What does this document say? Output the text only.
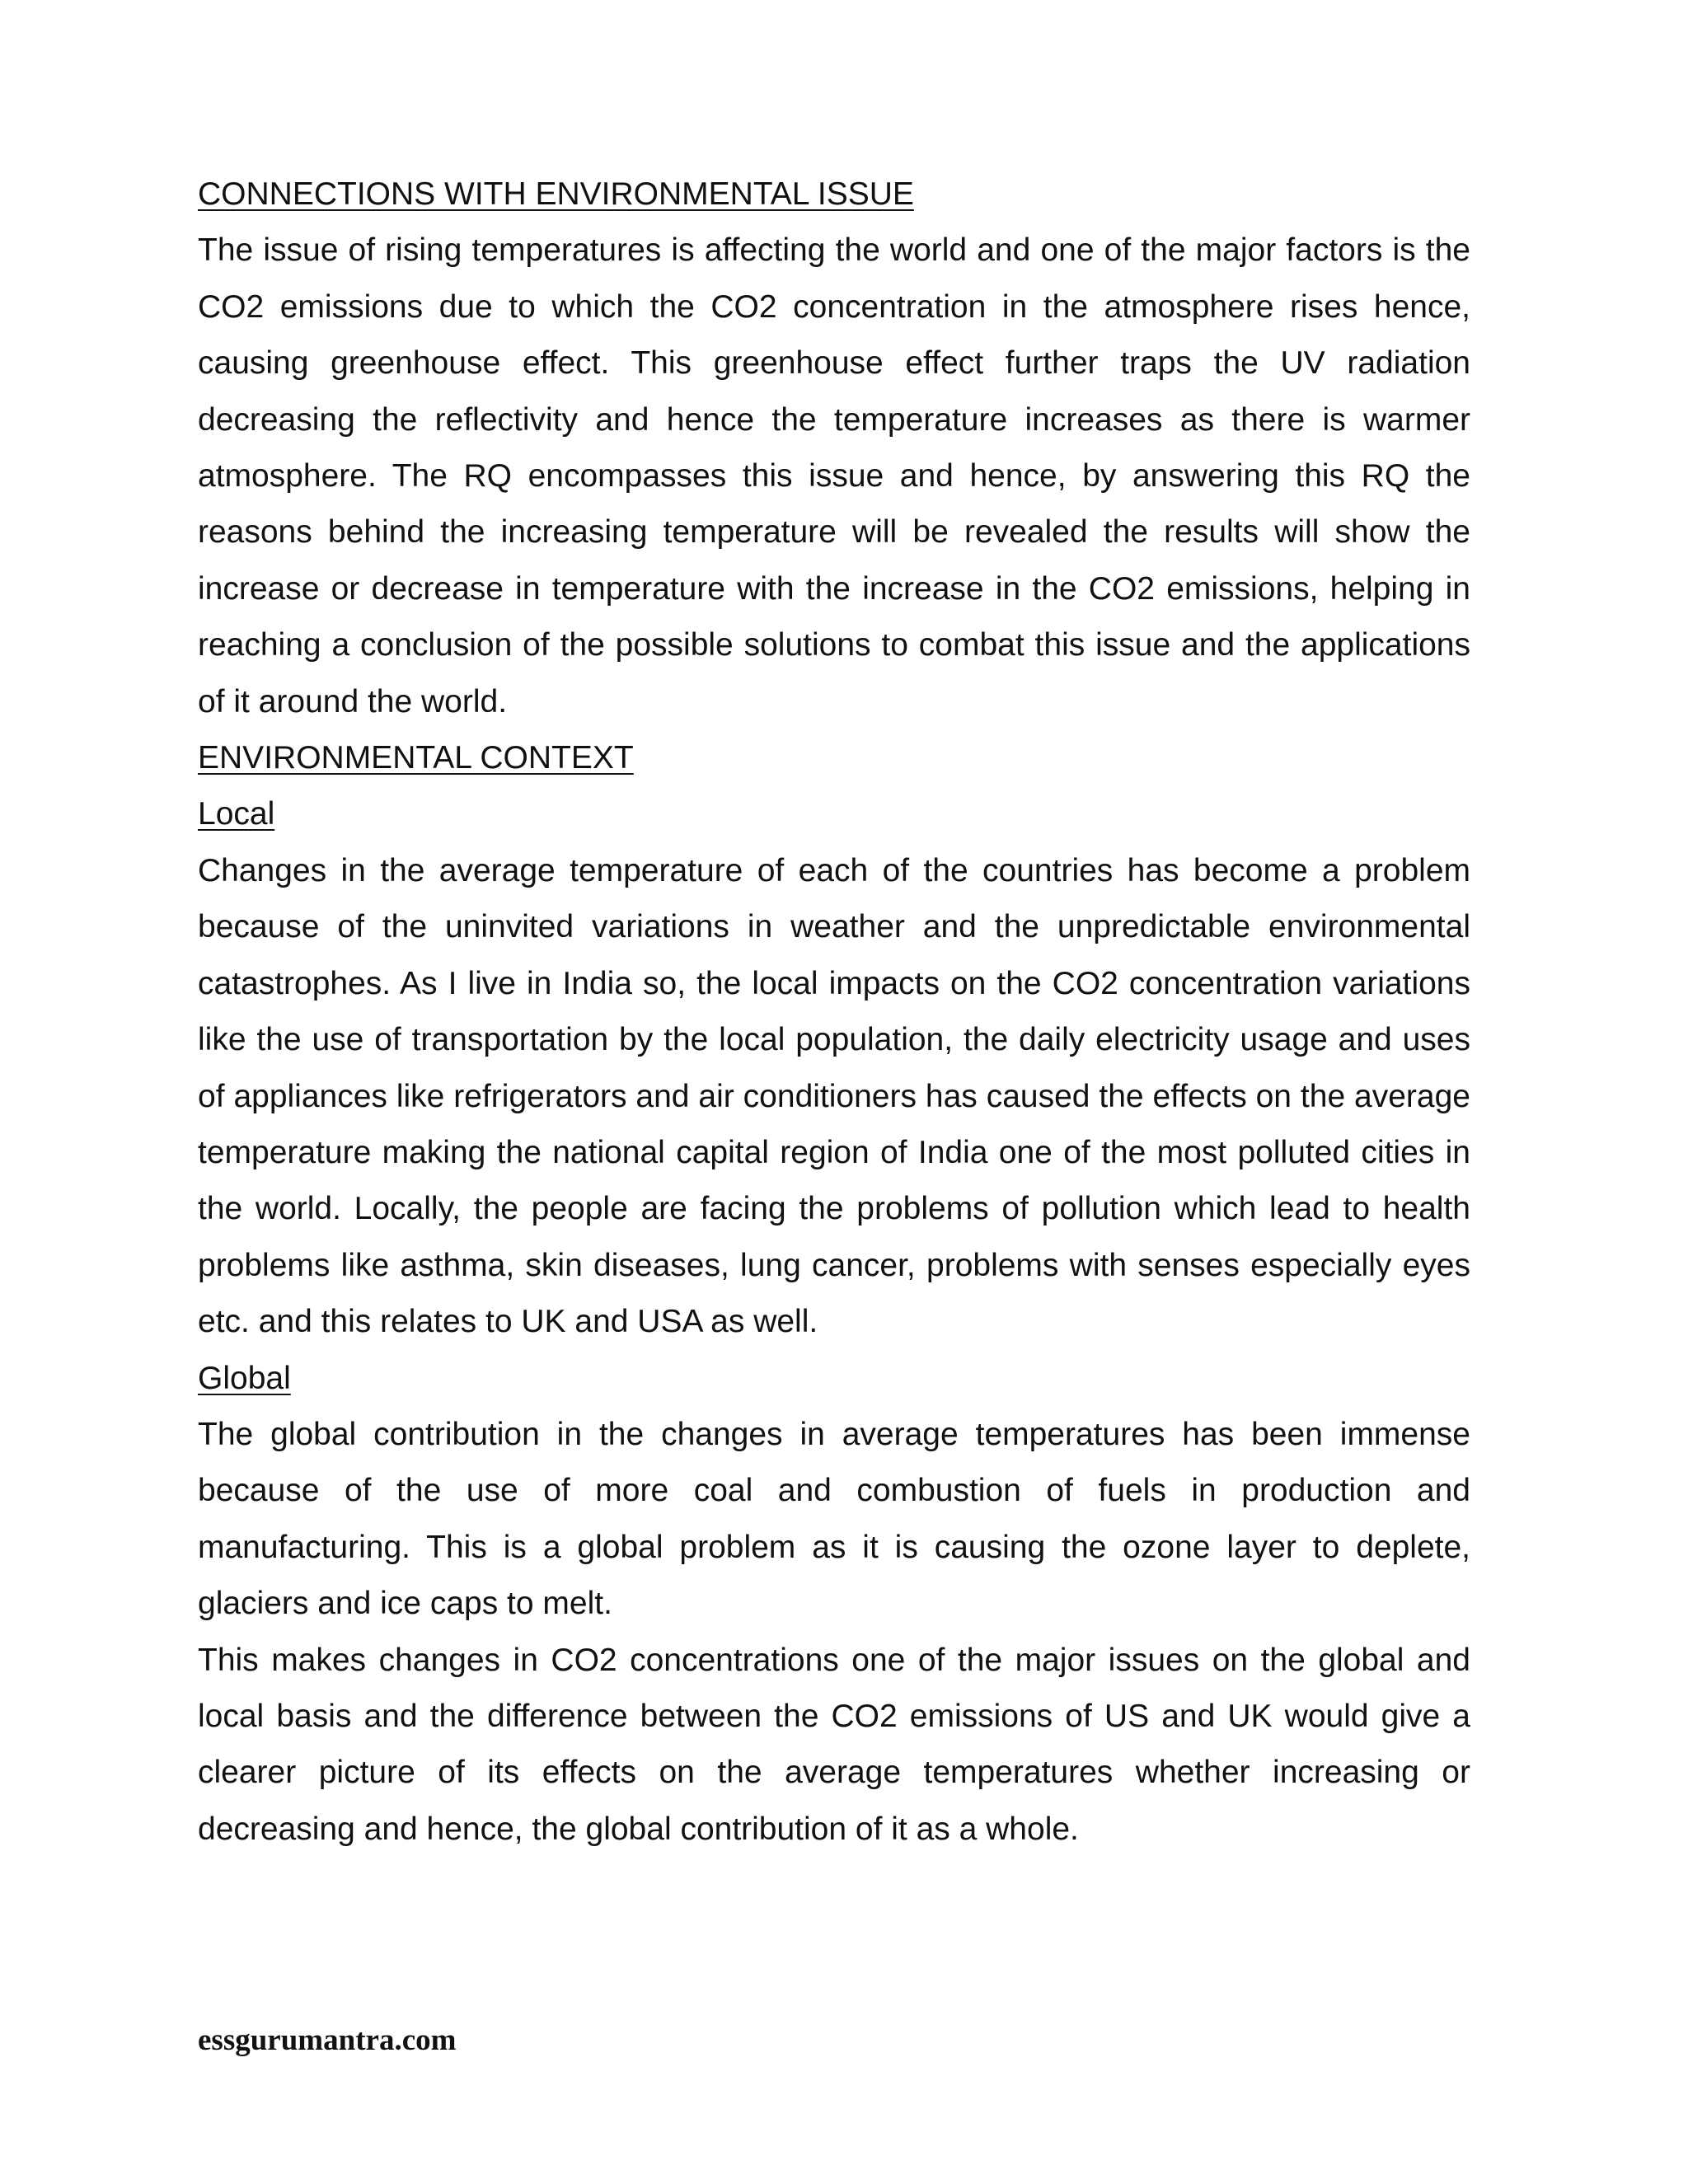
CONNECTIONS WITH ENVIRONMENTAL ISSUE

The issue of rising temperatures is affecting the world and one of the major factors is the CO2 emissions due to which the CO2 concentration in the atmosphere rises hence, causing greenhouse effect. This greenhouse effect further traps the UV radiation decreasing the reflectivity and hence the temperature increases as there is warmer atmosphere. The RQ encompasses this issue and hence, by answering this RQ the reasons behind the increasing temperature will be revealed the results will show the increase or decrease in temperature with the increase in the CO2 emissions, helping in reaching a conclusion of the possible solutions to combat this issue and the applications of it around the world.

ENVIRONMENTAL CONTEXT
Local

Changes in the average temperature of each of the countries has become a problem because of the uninvited variations in weather and the unpredictable environmental catastrophes. As I live in India so, the local impacts on the CO2 concentration variations like the use of transportation by the local population, the daily electricity usage and uses of appliances like refrigerators and air conditioners has caused the effects on the average temperature making the national capital region of India one of the most polluted cities in the world. Locally, the people are facing the problems of pollution which lead to health problems like asthma, skin diseases, lung cancer, problems with senses especially eyes etc. and this relates to UK and USA as well.

Global

The global contribution in the changes in average temperatures has been immense because of the use of more coal and combustion of fuels in production and manufacturing. This is a global problem as it is causing the ozone layer to deplete, glaciers and ice caps to melt.

This makes changes in CO2 concentrations one of the major issues on the global and local basis and the difference between the CO2 emissions of US and UK would give a clearer picture of its effects on the average temperatures whether increasing or decreasing and hence, the global contribution of it as a whole.

essgurumantra.com
